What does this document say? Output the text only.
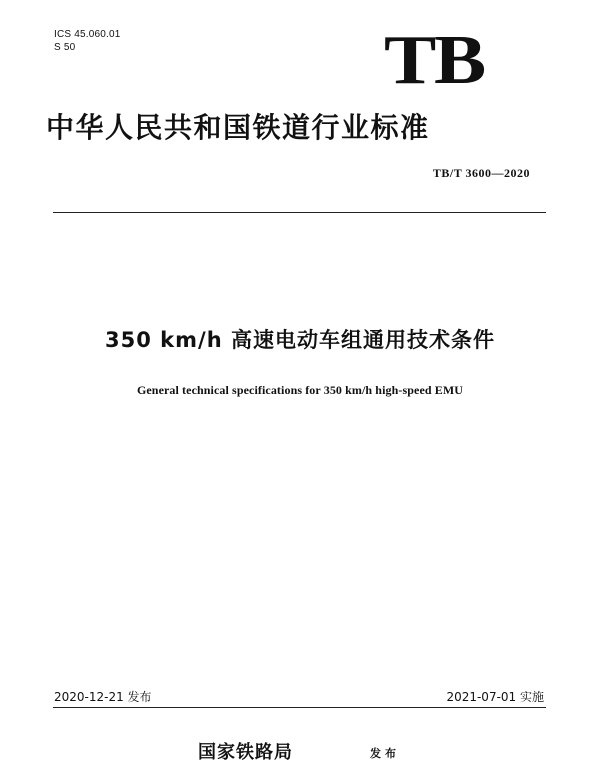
ICS 45.060.01
S 50	TB
中华人民共和国铁道行业标准
TB/T 3600—2020
350 km/h 高速电动车组通用技术条件
General technical specifications for 350 km/h high-speed EMU
2020-12-21 发布	2021-07-01 实施
国家铁路局	发布
